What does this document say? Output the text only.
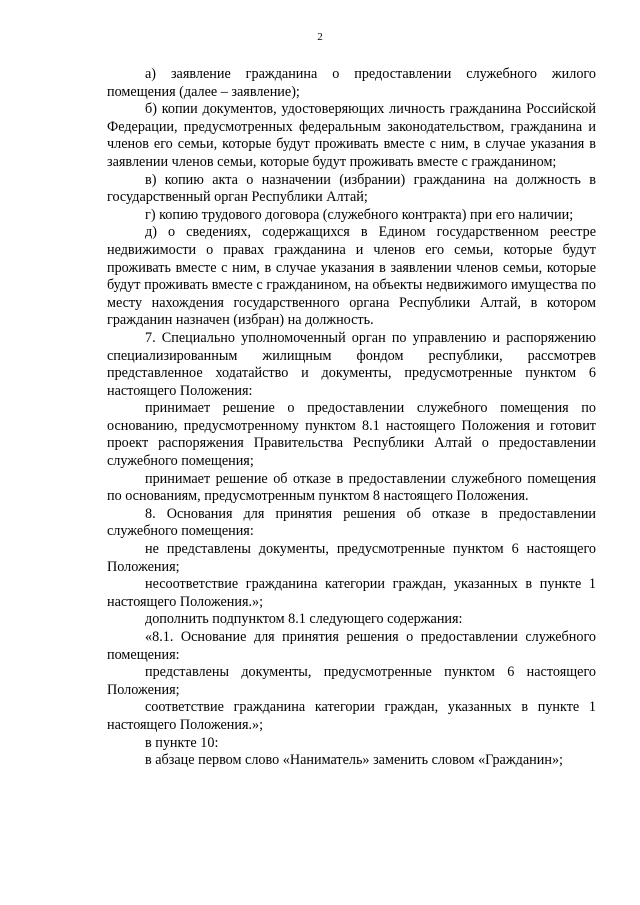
2

а) заявление гражданина о предоставлении служебного жилого помещения (далее – заявление);

б) копии документов, удостоверяющих личность гражданина Российской Федерации, предусмотренных федеральным законодательством, гражданина и членов его семьи, которые будут проживать вместе с ним, в случае указания в заявлении членов семьи, которые будут проживать вместе с гражданином;

в) копию акта о назначении (избрании) гражданина на должность в государственный орган Республики Алтай;

г) копию трудового договора (служебного контракта) при его наличии;

д) о сведениях, содержащихся в Едином государственном реестре недвижимости о правах гражданина и членов его семьи, которые будут проживать вместе с ним, в случае указания в заявлении членов семьи, которые будут проживать вместе с гражданином, на объекты недвижимого имущества по месту нахождения государственного органа Республики Алтай, в котором гражданин назначен (избран) на должность.

7. Специально уполномоченный орган по управлению и распоряжению специализированным жилищным фондом республики, рассмотрев представленное ходатайство и документы, предусмотренные пунктом 6 настоящего Положения:

принимает решение о предоставлении служебного помещения по основанию, предусмотренному пунктом 8.1 настоящего Положения и готовит проект распоряжения Правительства Республики Алтай о предоставлении служебного помещения;

принимает решение об отказе в предоставлении служебного помещения по основаниям, предусмотренным пунктом 8 настоящего Положения.

8. Основания для принятия решения об отказе в предоставлении служебного помещения:

не представлены документы, предусмотренные пунктом 6 настоящего Положения;

несоответствие гражданина категории граждан, указанных в пункте 1 настоящего Положения.»;

дополнить подпунктом 8.1 следующего содержания:

«8.1. Основание для принятия решения о предоставлении служебного помещения:

представлены документы, предусмотренные пунктом 6 настоящего Положения;

соответствие гражданина категории граждан, указанных в пункте 1 настоящего Положения.»;

в пункте 10:

в абзаце первом слово «Наниматель» заменить словом «Гражданин»;
